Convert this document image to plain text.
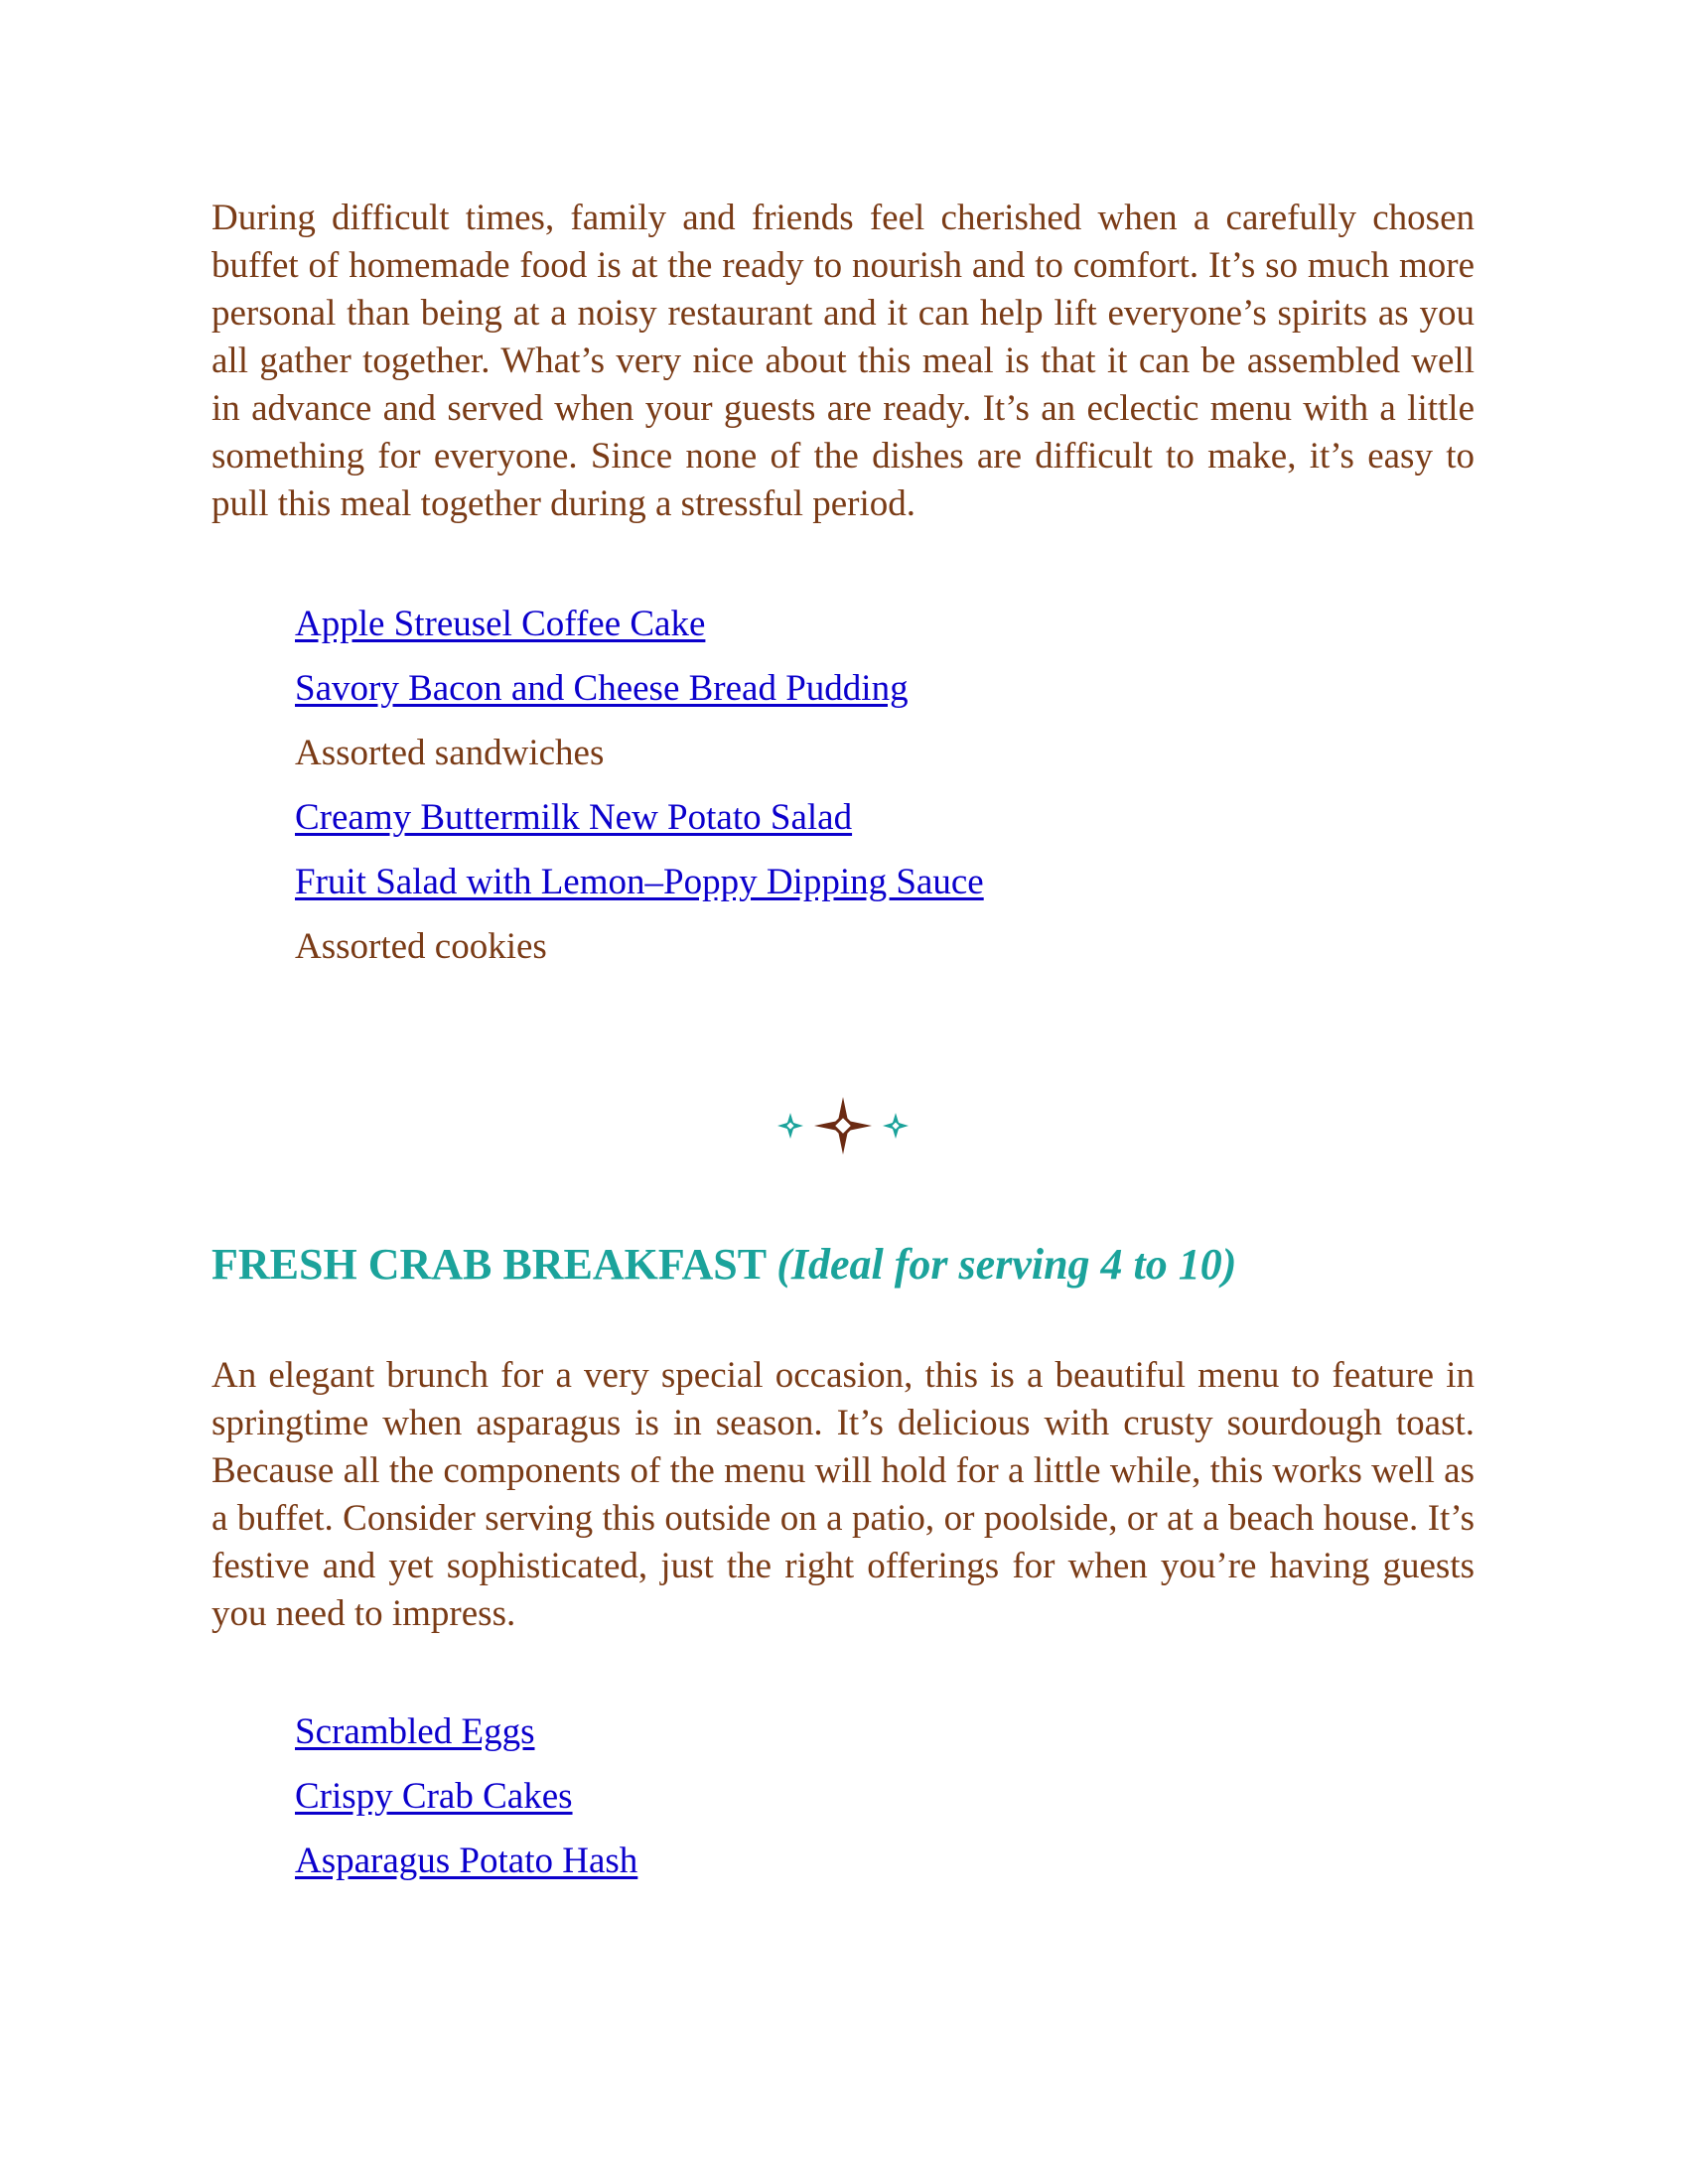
During difficult times, family and friends feel cherished when a carefully chosen buffet of homemade food is at the ready to nourish and to comfort. It’s so much more personal than being at a noisy restaurant and it can help lift everyone’s spirits as you all gather together. What’s very nice about this meal is that it can be assembled well in advance and served when your guests are ready. It’s an eclectic menu with a little something for everyone. Since none of the dishes are difficult to make, it’s easy to pull this meal together during a stressful period.

Apple Streusel Coffee Cake
Savory Bacon and Cheese Bread Pudding
Assorted sandwiches
Creamy Buttermilk New Potato Salad
Fruit Salad with Lemon–Poppy Dipping Sauce
Assorted cookies
FRESH CRAB BREAKFAST (Ideal for serving 4 to 10)

An elegant brunch for a very special occasion, this is a beautiful menu to feature in springtime when asparagus is in season. It’s delicious with crusty sourdough toast. Because all the components of the menu will hold for a little while, this works well as a buffet. Consider serving this outside on a patio, or poolside, or at a beach house. It’s festive and yet sophisticated, just the right offerings for when you’re having guests you need to impress.

Scrambled Eggs
Crispy Crab Cakes
Asparagus Potato Hash
